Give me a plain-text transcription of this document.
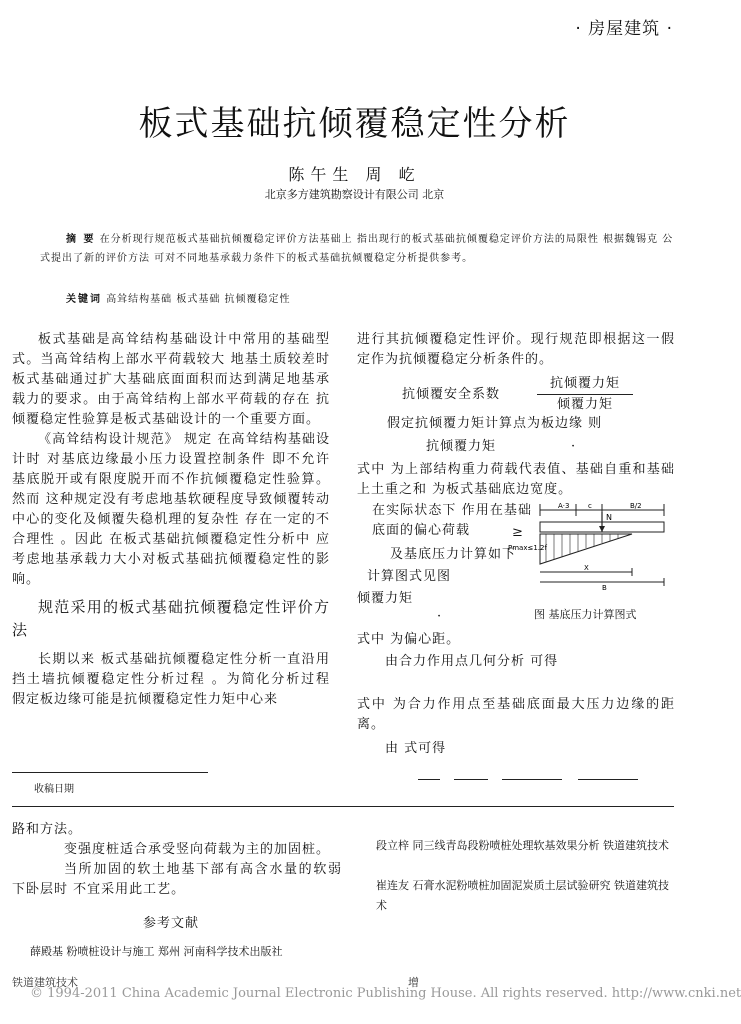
· 房屋建筑 ·
板式基础抗倾覆稳定性分析
陈午生 周 屹
北京多方建筑勘察设计有限公司 北京
摘 要 在分析现行规范板式基础抗倾覆稳定评价方法基础上 指出现行的板式基础抗倾覆稳定评价方法的局限性 根据魏锡克 公式提出了新的评价方法 可对不同地基承载力条件下的板式基础抗倾覆稳定分析提供参考。
关键词 高耸结构基础 板式基础 抗倾覆稳定性

板式基础是高耸结构基础设计中常用的基础型式。当高耸结构上部水平荷载较大 地基土质较差时 板式基础通过扩大基础底面面积而达到满足地基承载力的要求。由于高耸结构上部水平荷载的存在 抗倾覆稳定性验算是板式基础设计的一个重要方面。

《高耸结构设计规范》 规定 在高耸结构基础设计时 对基底边缘最小压力设置控制条件 即不允许基底脱开或有限度脱开而不作抗倾覆稳定性验算。然而 这种规定没有考虑地基软硬程度导致倾覆转动中心的变化及倾覆失稳机理的复杂性 存在一定的不合理性 。因此 在板式基础抗倾覆稳定性分析中 应考虑地基承载力大小对板式基础抗倾覆稳定性的影响。

规范采用的板式基础抗倾覆稳定性评价方法

长期以来 板式基础抗倾覆稳定性分析一直沿用挡土墙抗倾覆稳定性分析过程 。为简化分析过程 假定板边缘可能是抗倾覆稳定性力矩中心来

收稿日期
进行其抗倾覆稳定性评价。现行规范即根据这一假定作为抗倾覆稳定分析条件的。
抗倾覆安全系数
抗倾覆力矩
倾覆力矩
假定抗倾覆力矩计算点为板边缘 则
抗倾覆力矩	·
式中 为上部结构重力荷载代表值、基础自重和基础上土重之和 为板式基础底边宽度。
在实际状态下 作用在基础底面的偏心荷载	≥
及基底压力计算如下
计算图式见图
倾覆力矩
·
A·3	c	B/2
N
Pmax≤1.2f
X
B
图 基底压力计算图式
式中 为偏心距。
由合力作用点几何分析 可得
式中 为合力作用点至基础底面最大压力边缘的距离。
由 式可得

路和方法。

变强度桩适合承受竖向荷载为主的加固桩。

当所加固的软土地基下部有高含水量的软弱下卧层时 不宜采用此工艺。

参考文献
薛殿基 粉喷桩设计与施工 郑州 河南科学技术出版社
段立梓 同三线青岛段粉喷桩处理软基效果分析 铁道建筑技术
崔连友 石膏水泥粉喷桩加固泥炭质土层试验研究 铁道建筑技术
铁道建筑技术	增
© 1994-2011 China Academic Journal Electronic Publishing House. All rights reserved. http://www.cnki.net
